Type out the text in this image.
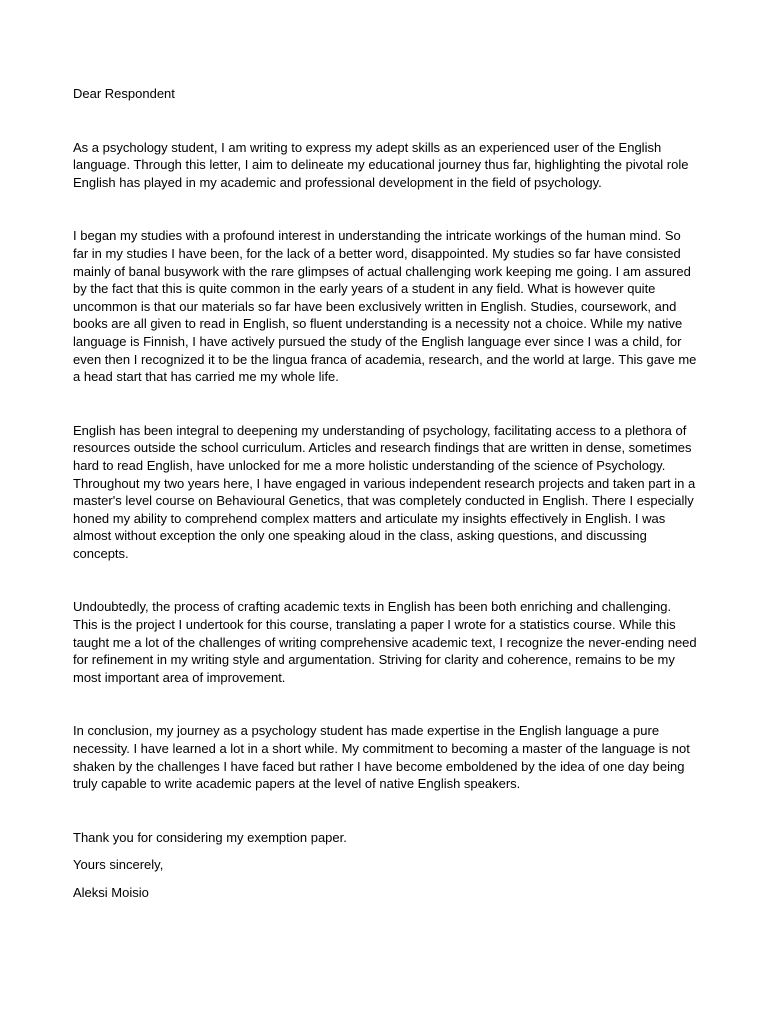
Dear Respondent

As a psychology student, I am writing to express my adept skills as an experienced user of the English language. Through this letter, I aim to delineate my educational journey thus far, highlighting the pivotal role English has played in my academic and professional development in the field of psychology.

I began my studies with a profound interest in understanding the intricate workings of the human mind. So far in my studies I have been, for the lack of a better word, disappointed. My studies so far have consisted mainly of banal busywork with the rare glimpses of actual challenging work keeping me going. I am assured by the fact that this is quite common in the early years of a student in any field. What is however quite uncommon is that our materials so far have been exclusively written in English. Studies, coursework, and books are all given to read in English, so fluent understanding is a necessity not a choice. While my native language is Finnish, I have actively pursued the study of the English language ever since I was a child, for even then I recognized it to be the lingua franca of academia, research, and the world at large. This gave me a head start that has carried me my whole life.

English has been integral to deepening my understanding of psychology, facilitating access to a plethora of resources outside the school curriculum. Articles and research findings that are written in dense, sometimes hard to read English, have unlocked for me a more holistic understanding of the science of Psychology. Throughout my two years here, I have engaged in various independent research projects and taken part in a master's level course on Behavioural Genetics, that was completely conducted in English. There I especially honed my ability to comprehend complex matters and articulate my insights effectively in English. I was almost without exception the only one speaking aloud in the class, asking questions, and discussing concepts.

Undoubtedly, the process of crafting academic texts in English has been both enriching and challenging. This is the project I undertook for this course, translating a paper I wrote for a statistics course. While this taught me a lot of the challenges of writing comprehensive academic text, I recognize the never-ending need for refinement in my writing style and argumentation. Striving for clarity and coherence, remains to be my most important area of improvement.

In conclusion, my journey as a psychology student has made expertise in the English language a pure necessity. I have learned a lot in a short while. My commitment to becoming a master of the language is not shaken by the challenges I have faced but rather I have become emboldened by the idea of one day being truly capable to write academic papers at the level of native English speakers.

Thank you for considering my exemption paper.

Yours sincerely,

Aleksi Moisio
